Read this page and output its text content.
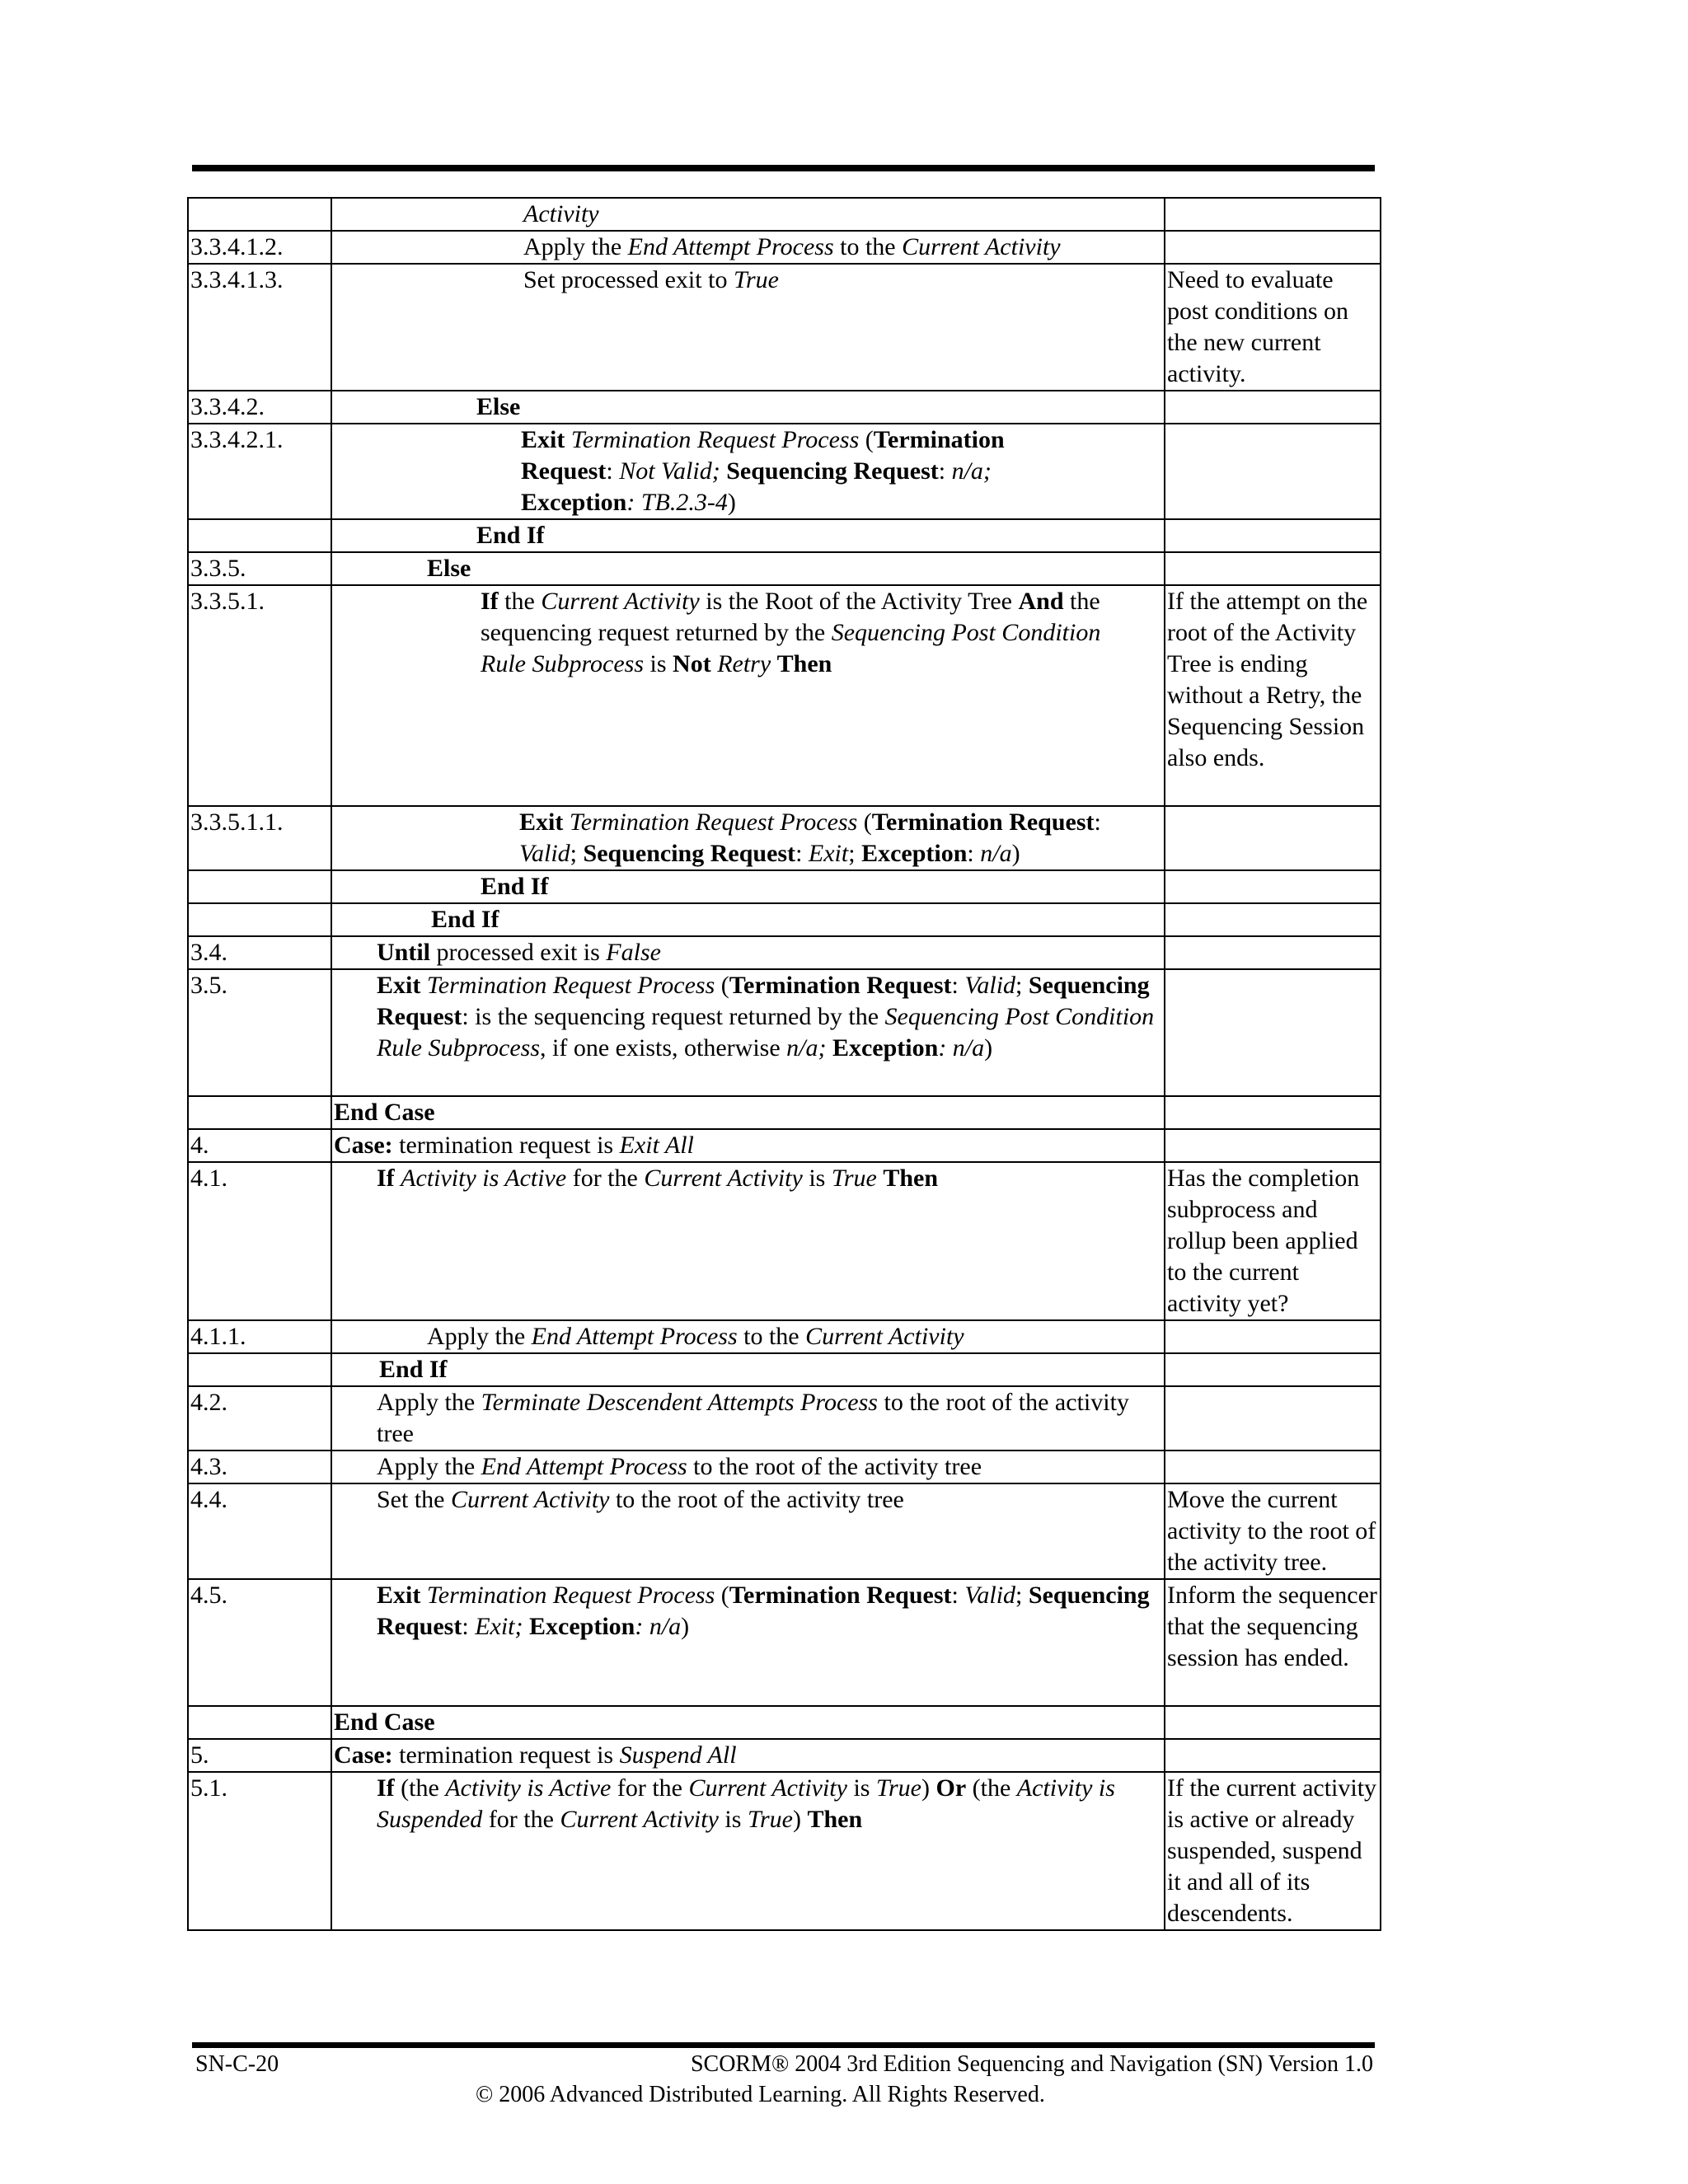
	Activity	

3.3.4.1.2.	Apply the End Attempt Process to the Current Activity	

3.3.4.1.3.	Set processed exit to True	Need to evaluate post conditions on the new current activity.
3.3.4.2.	Else	

3.3.4.2.1.	Exit Termination Request Process (Termination Request: Not Valid; Sequencing Request: n/a; Exception: TB.2.3-4)	

	End If	

3.3.5.	Else	

3.3.5.1.	If the Current Activity is the Root of the Activity Tree And the sequencing request returned by the Sequencing Post Condition Rule Subprocess is Not Retry Then	If the attempt on the root of the Activity Tree is ending without a Retry, the Sequencing Session also ends.
3.3.5.1.1.	Exit Termination Request Process (Termination Request: Valid; Sequencing Request: Exit; Exception: n/a)	

	End If	

	End If	

3.4.	Until processed exit is False	

3.5.	Exit Termination Request Process (Termination Request: Valid; Sequencing Request: is the sequencing request returned by the Sequencing Post Condition Rule Subprocess, if one exists, otherwise n/a; Exception: n/a)	

	End Case	

4.	Case: termination request is Exit All	

4.1.	If Activity is Active for the Current Activity is True Then	Has the completion subprocess and rollup been applied to the current activity yet?
4.1.1.	Apply the End Attempt Process to the Current Activity	

	End If	

4.2.	Apply the Terminate Descendent Attempts Process to the root of the activity tree	

4.3.	Apply the End Attempt Process to the root of the activity tree	

4.4.	Set the Current Activity to the root of the activity tree	Move the current activity to the root of the activity tree.
4.5.	Exit Termination Request Process (Termination Request: Valid; Sequencing Request: Exit; Exception: n/a)	Inform the sequencer that the sequencing session has ended.

	End Case	

5.	Case: termination request is Suspend All	

5.1.	If (the Activity is Active for the Current Activity is True) Or (the Activity is Suspended for the Current Activity is True) Then	If the current activity is active or already suspended, suspend it and all of its descendents.
SN-C-20	SCORM® 2004 3rd Edition Sequencing and Navigation (SN) Version 1.0
© 2006 Advanced Distributed Learning. All Rights Reserved.
